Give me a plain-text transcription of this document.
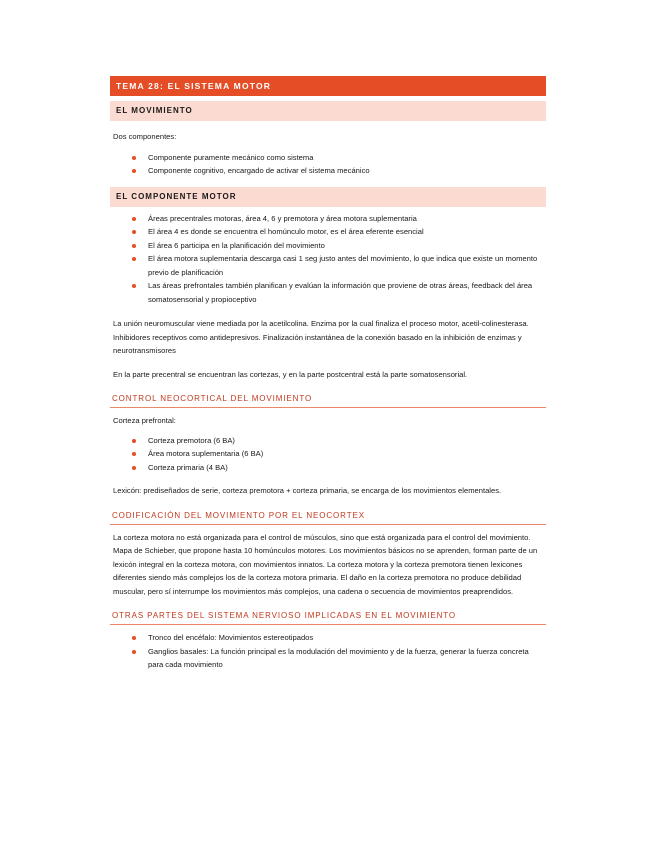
TEMA 28: EL SISTEMA MOTOR
EL MOVIMIENTO

Dos componentes:

Componente puramente mecánico como sistema
Componente cognitivo, encargado de activar el sistema mecánico
EL COMPONENTE MOTOR
Áreas precentrales motoras, área 4, 6 y premotora y área motora suplementaria
El área 4 es donde se encuentra el homúnculo motor, es el área eferente esencial
El área 6 participa en la planificación del movimiento
El área motora suplementaria descarga casi 1 seg justo antes del movimiento, lo que indica que existe un momento previo de planificación
Las áreas prefrontales también planifican y evalúan la información que proviene de otras áreas, feedback del área somatosensorial y propioceptivo

La unión neuromuscular viene mediada por la acetilcolina. Enzima por la cual finaliza el proceso motor, acetil-colinesterasa. Inhibidores receptivos como antidepresivos. Finalización instantánea de la conexión basado en la inhibición de enzimas y neurotransmisores

En la parte precentral se encuentran las cortezas, y en la parte postcentral está la parte somatosensorial.

CONTROL NEOCORTICAL DEL MOVIMIENTO

Corteza prefrontal:

Corteza premotora (6 BA)
Área motora suplementaria (6 BA)
Corteza primaria (4 BA)

Lexicón: prediseñados de serie, corteza premotora + corteza primaria, se encarga de los movimientos elementales.

CODIFICACIÓN DEL MOVIMIENTO POR EL NEOCORTEX

La corteza motora no está organizada para el control de músculos, sino que está organizada para el control del movimiento. Mapa de Schieber, que propone hasta 10 homúnculos motores. Los movimientos básicos no se aprenden, forman parte de un lexicón integral en la corteza motora, con movimientos innatos. La corteza motora y la corteza premotora tienen lexicones diferentes siendo más complejos los de la corteza motora primaria. El daño en la corteza premotora no produce debilidad muscular, pero sí interrumpe los movimientos más complejos, una cadena o secuencia de movimientos preaprendidos.

OTRAS PARTES DEL SISTEMA NERVIOSO IMPLICADAS EN EL MOVIMIENTO
Tronco del encéfalo: Movimientos estereotipados
Ganglios basales: La función principal es la modulación del movimiento y de la fuerza, generar la fuerza concreta para cada movimiento
